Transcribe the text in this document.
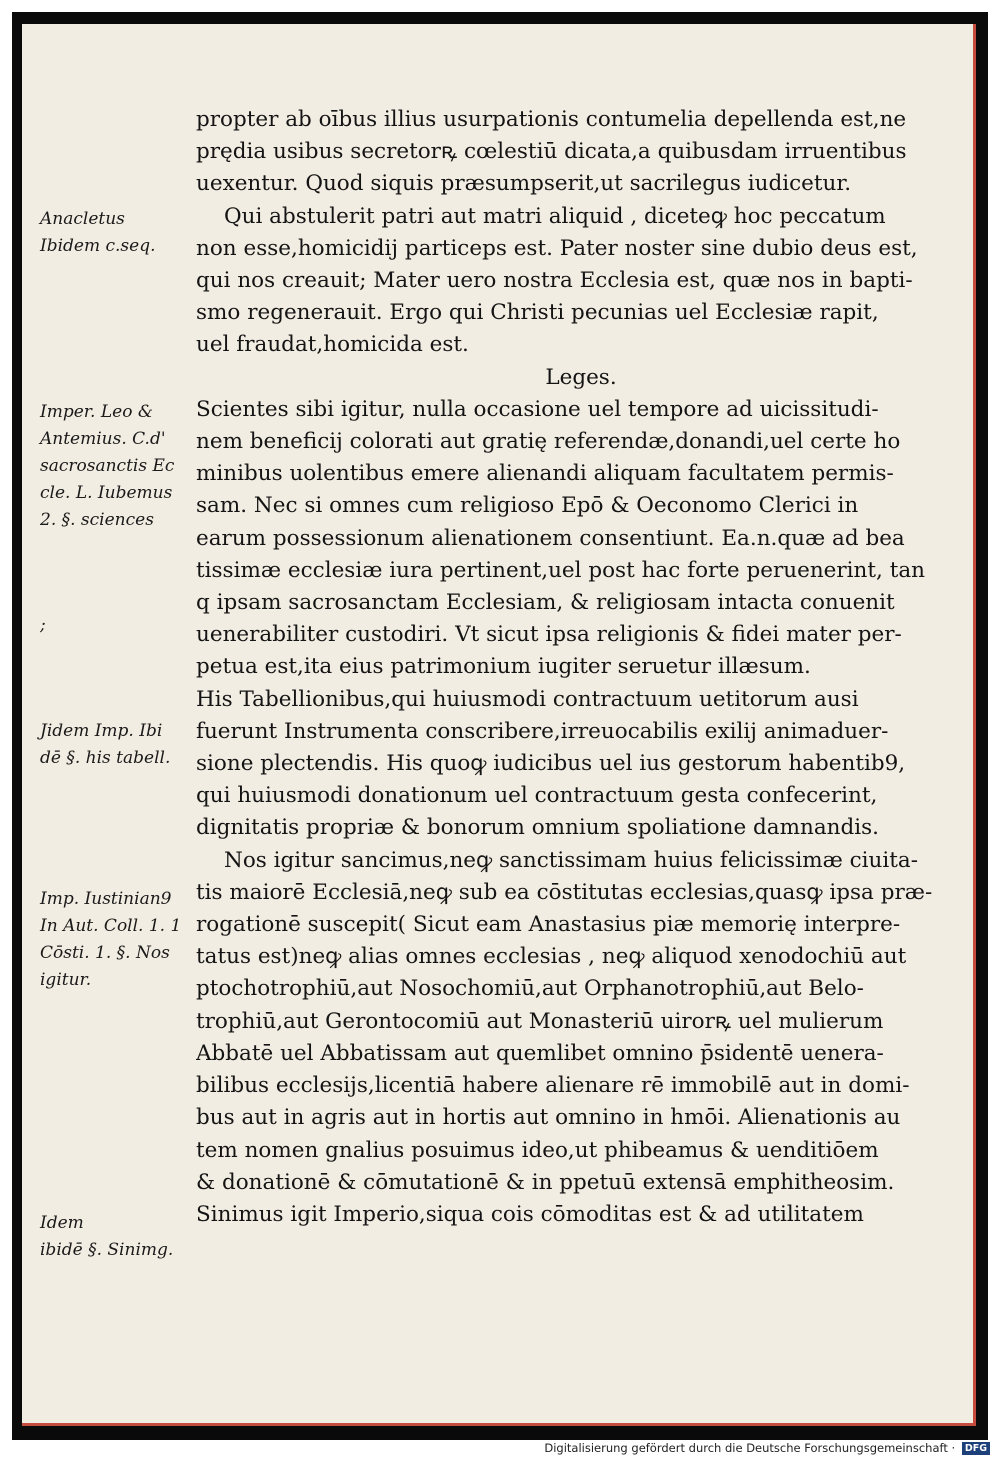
Anacletus
Ibidem c.seq.
Imper. Leo &
Antemius. C.d'
sacrosanctis Ec
cle. L. Iubemus
2. §. sciences
;
Jidem Imp. Ibi
dē §. his tabell.
Imp. Iustinian9
In Aut. Coll. 1. 1
Cōsti. 1. §. Nos
igitur.
Idem
ibidē §. Sinimg.
propter ab oībus illius usurpationis contumelia depellenda est,ne
prędia usibus secretorꝶ cœlestiū dicata,a quibusdam irruentibus
uexentur. Quod siquis præsumpserit,ut sacrilegus iudicetur.
Qui abstulerit patri aut matri aliquid , diceteꝙ hoc peccatum
non esse,homicidij particeps est. Pater noster sine dubio deus est,
qui nos creauit; Mater uero nostra Ecclesia est, quæ nos in bapti-
smo regenerauit. Ergo qui Christi pecunias uel Ecclesiæ rapit,
uel fraudat,homicida est.
Leges.
Scientes sibi igitur, nulla occasione uel tempore ad uicissitudi-
nem beneficij colorati aut gratię referendæ,donandi,uel certe ho
minibus uolentibus emere alienandi aliquam facultatem permis-
sam. Nec si omnes cum religioso Epō & Oeconomo Clerici in
earum possessionum alienationem consentiunt. Ea.n.quæ ad bea
tissimæ ecclesiæ iura pertinent,uel post hac forte peruenerint, tan
q ipsam sacrosanctam Ecclesiam, & religiosam intacta conuenit
uenerabiliter custodiri. Vt sicut ipsa religionis & fidei mater per-
petua est,ita eius patrimonium iugiter seruetur illæsum.
His Tabellionibus,qui huiusmodi contractuum uetitorum ausi
fuerunt Instrumenta conscribere,irreuocabilis exilij animaduer-
sione plectendis. His quoꝙ iudicibus uel ius gestorum habentib9,
qui huiusmodi donationum uel contractuum gesta confecerint,
dignitatis propriæ & bonorum omnium spoliatione damnandis.
Nos igitur sancimus,neꝙ sanctissimam huius felicissimæ ciuita-
tis maiorē Ecclesiā,neꝙ sub ea cōstitutas ecclesias,quasꝙ ipsa præ-
rogationē suscepit( Sicut eam Anastasius piæ memorię interpre-
tatus est)neꝙ alias omnes ecclesias , neꝙ aliquod xenodochiū aut
ptochotrophiū,aut Nosochomiū,aut Orphanotrophiū,aut Belo-
trophiū,aut Gerontocomiū aut Monasteriū uirorꝶ uel mulierum
Abbatē uel Abbatissam aut quemlibet omnino p̄sidentē uenera-
bilibus ecclesijs,licentiā habere alienare rē immobilē aut in domi-
bus aut in agris aut in hortis aut omnino in hmōi. Alienationis au
tem nomen gnalius posuimus ideo,ut phibeamus & uenditiōem
& donationē & cōmutationē & in ppetuū extensā emphitheosim.
Sinimus igit Imperio,siqua cois cōmoditas est & ad utilitatem
Digitalisierung gefördert durch die Deutsche Forschungsgemeinschaft · DFG
